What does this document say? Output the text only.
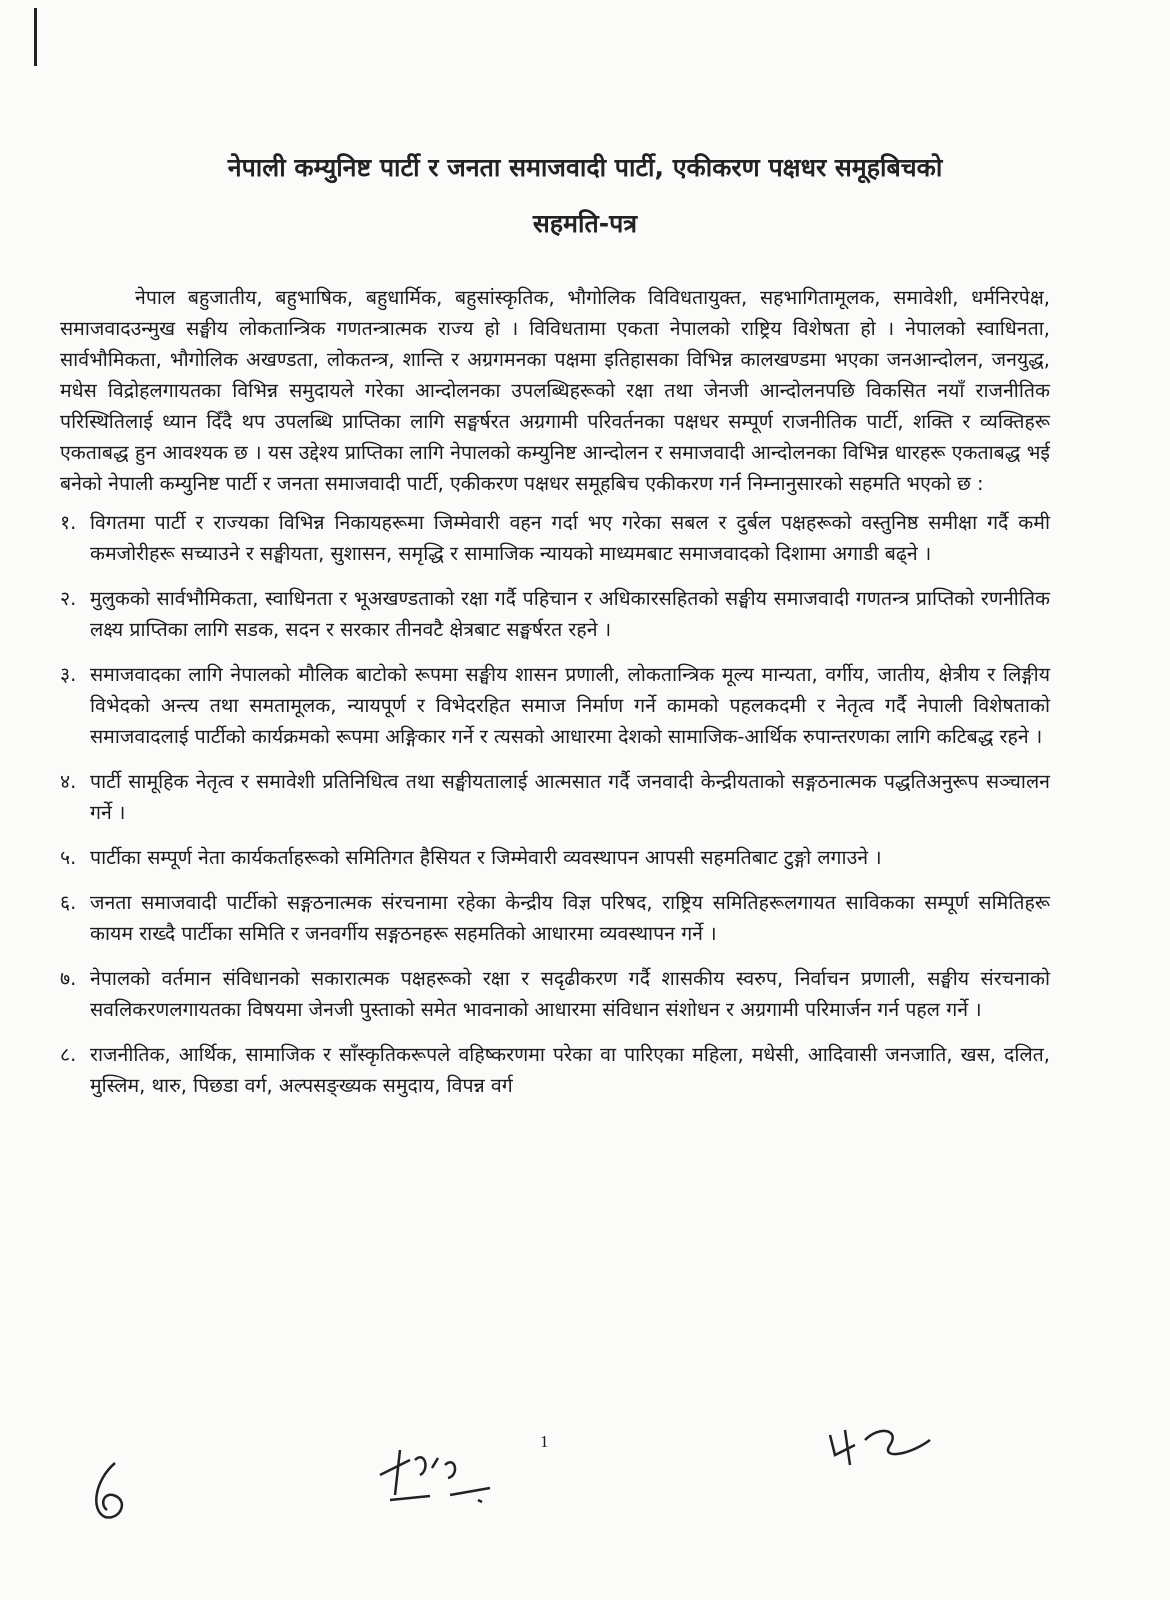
नेपाली कम्युनिष्ट पार्टी र जनता समाजवादी पार्टी, एकीकरण पक्षधर समूहबिचको
सहमति-पत्र

नेपाल बहुजातीय, बहुभाषिक, बहुधार्मिक, बहुसांस्कृतिक, भौगोलिक विविधतायुक्त, सहभागितामूलक, समावेशी, धर्मनिरपेक्ष, समाजवादउन्मुख सङ्घीय लोकतान्त्रिक गणतन्त्रात्मक राज्य हो । विविधतामा एकता नेपालको राष्ट्रिय विशेषता हो । नेपालको स्वाधिनता, सार्वभौमिकता, भौगोलिक अखण्डता, लोकतन्त्र, शान्ति र अग्रगमनका पक्षमा इतिहासका विभिन्न कालखण्डमा भएका जनआन्दोलन, जनयुद्ध, मधेस विद्रोहलगायतका विभिन्न समुदायले गरेका आन्दोलनका उपलब्धिहरूको रक्षा तथा जेनजी आन्दोलनपछि विकसित नयाँ राजनीतिक परिस्थितिलाई ध्यान दिँदै थप उपलब्धि प्राप्तिका लागि सङ्घर्षरत अग्रगामी परिवर्तनका पक्षधर सम्पूर्ण राजनीतिक पार्टी, शक्ति र व्यक्तिहरू एकताबद्ध हुन आवश्यक छ । यस उद्देश्य प्राप्तिका लागि नेपालको कम्युनिष्ट आन्दोलन र समाजवादी आन्दोलनका विभिन्न धारहरू एकताबद्ध भई बनेको नेपाली कम्युनिष्ट पार्टी र जनता समाजवादी पार्टी, एकीकरण पक्षधर समूहबिच एकीकरण गर्न निम्नानुसारको सहमति भएको छ :

१. विगतमा पार्टी र राज्यका विभिन्न निकायहरूमा जिम्मेवारी वहन गर्दा भए गरेका सबल र दुर्बल पक्षहरूको वस्तुनिष्ठ समीक्षा गर्दै कमी कमजोरीहरू सच्याउने र सङ्घीयता, सुशासन, समृद्धि र सामाजिक न्यायको माध्यमबाट समाजवादको दिशामा अगाडी बढ्ने ।
२. मुलुकको सार्वभौमिकता, स्वाधिनता र भूअखण्डताको रक्षा गर्दै पहिचान र अधिकारसहितको सङ्घीय समाजवादी गणतन्त्र प्राप्तिको रणनीतिक लक्ष्य प्राप्तिका लागि सडक, सदन र सरकार तीनवटै क्षेत्रबाट सङ्घर्षरत रहने ।
३. समाजवादका लागि नेपालको मौलिक बाटोको रूपमा सङ्घीय शासन प्रणाली, लोकतान्त्रिक मूल्य मान्यता, वर्गीय, जातीय, क्षेत्रीय र लिङ्गीय विभेदको अन्त्य तथा समतामूलक, न्यायपूर्ण र विभेदरहित समाज निर्माण गर्ने कामको पहलकदमी र नेतृत्व गर्दै नेपाली विशेषताको समाजवादलाई पार्टीको कार्यक्रमको रूपमा अङ्गिकार गर्ने र त्यसको आधारमा देशको सामाजिक-आर्थिक रुपान्तरणका लागि कटिबद्ध रहने ।
४. पार्टी सामूहिक नेतृत्व र समावेशी प्रतिनिधित्व तथा सङ्घीयतालाई आत्मसात गर्दै जनवादी केन्द्रीयताको सङ्गठनात्मक पद्धतिअनुरूप सञ्चालन गर्ने ।
५. पार्टीका सम्पूर्ण नेता कार्यकर्ताहरूको समितिगत हैसियत र जिम्मेवारी व्यवस्थापन आपसी सहमतिबाट टुङ्गो लगाउने ।
६. जनता समाजवादी पार्टीको सङ्गठनात्मक संरचनामा रहेका केन्द्रीय विज्ञ परिषद, राष्ट्रिय समितिहरूलगायत साविकका सम्पूर्ण समितिहरू कायम राख्दै पार्टीका समिति र जनवर्गीय सङ्गठनहरू सहमतिको आधारमा व्यवस्थापन गर्ने ।
७. नेपालको वर्तमान संविधानको सकारात्मक पक्षहरूको रक्षा र सदृढीकरण गर्दै शासकीय स्वरुप, निर्वाचन प्रणाली, सङ्घीय संरचनाको सवलिकरणलगायतका विषयमा जेनजी पुस्ताको समेत भावनाको आधारमा संविधान संशोधन र अग्रगामी परिमार्जन गर्न पहल गर्ने ।
८. राजनीतिक, आर्थिक, सामाजिक र साँस्कृतिकरूपले वहिष्करणमा परेका वा पारिएका महिला, मधेसी, आदिवासी जनजाति, खस, दलित, मुस्लिम, थारु, पिछडा वर्ग, अल्पसङ्ख्यक समुदाय, विपन्न वर्ग
1
